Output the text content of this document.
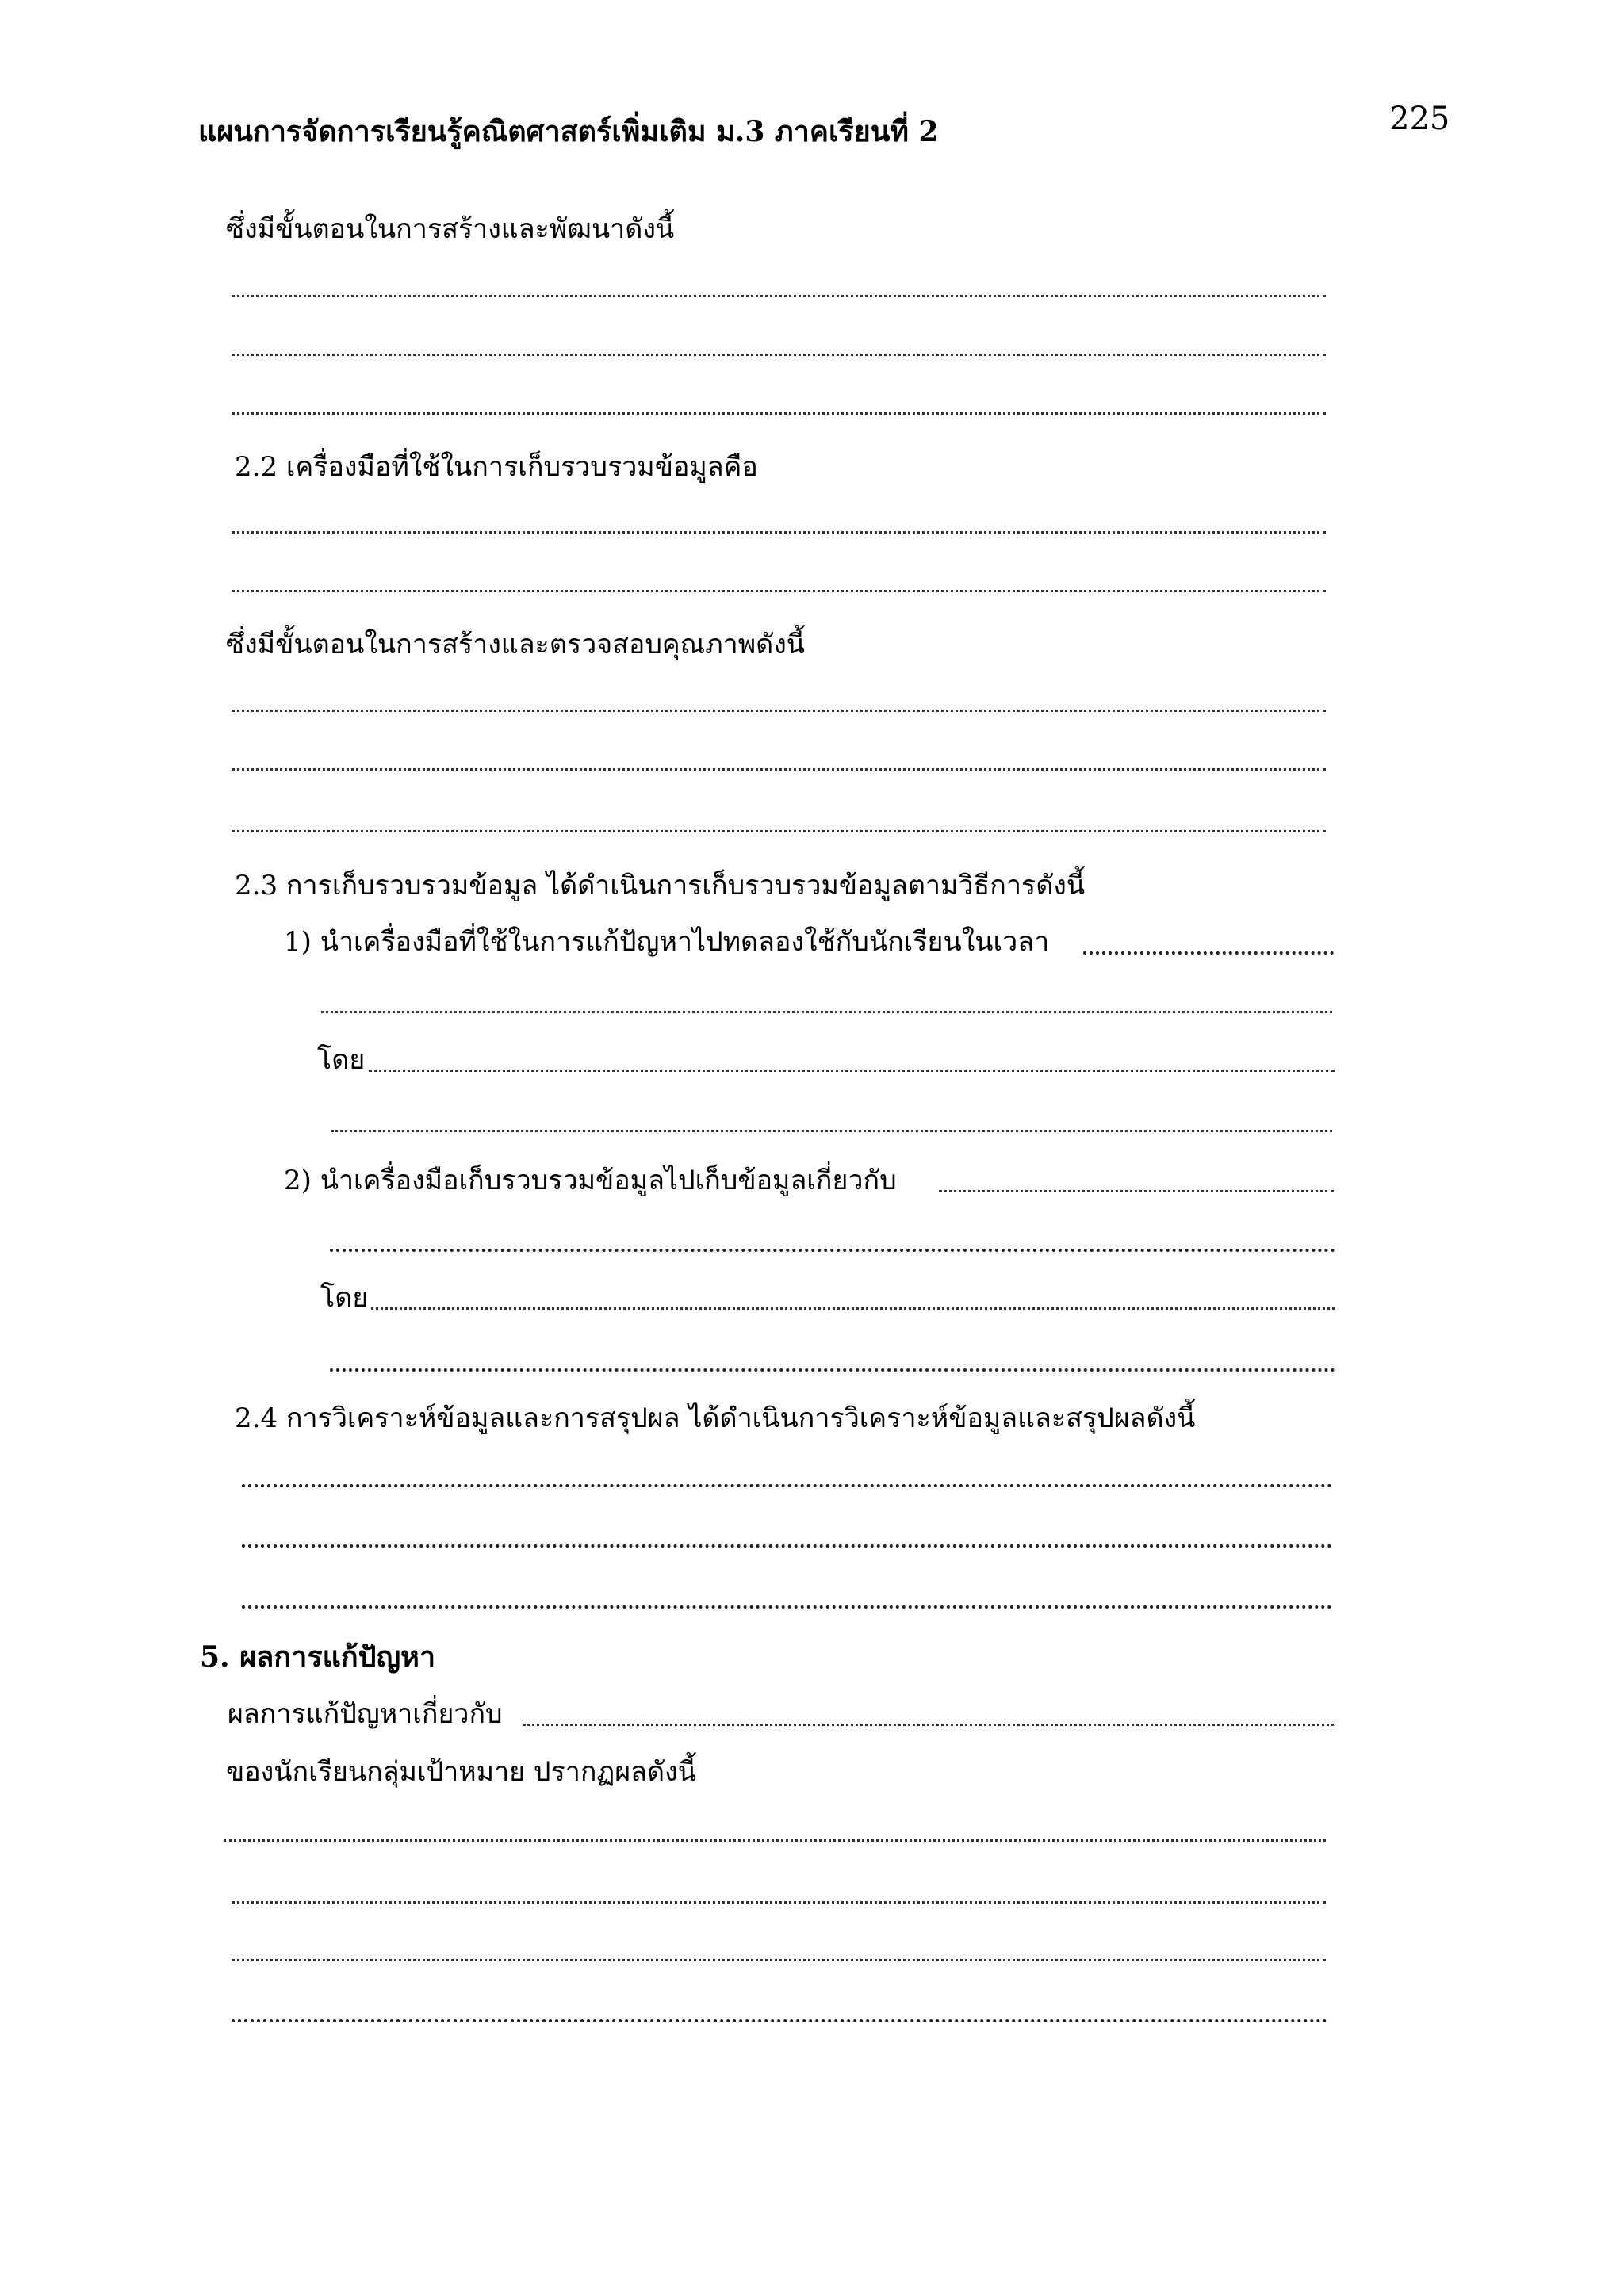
แผนการจัดการเรียนรู้คณิตศาสตร์เพิ่มเติม ม.3 ภาคเรียนที่ 2	225
ซึ่งมีขั้นตอนในการสร้างและพัฒนาดังนี้
2.2 เครื่องมือที่ใช้ในการเก็บรวบรวมข้อมูลคือ
ซึ่งมีขั้นตอนในการสร้างและตรวจสอบคุณภาพดังนี้
2.3 การเก็บรวบรวมข้อมูล ได้ดำเนินการเก็บรวบรวมข้อมูลตามวิธีการดังนี้
1) นำเครื่องมือที่ใช้ในการแก้ปัญหาไปทดลองใช้กับนักเรียนในเวลา
โดย
2) นำเครื่องมือเก็บรวบรวมข้อมูลไปเก็บข้อมูลเกี่ยวกับ
โดย
2.4 การวิเคราะห์ข้อมูลและการสรุปผล ได้ดำเนินการวิเคราะห์ข้อมูลและสรุปผลดังนี้
5. ผลการแก้ปัญหา
ผลการแก้ปัญหาเกี่ยวกับ
ของนักเรียนกลุ่มเป้าหมาย ปรากฏผลดังนี้
